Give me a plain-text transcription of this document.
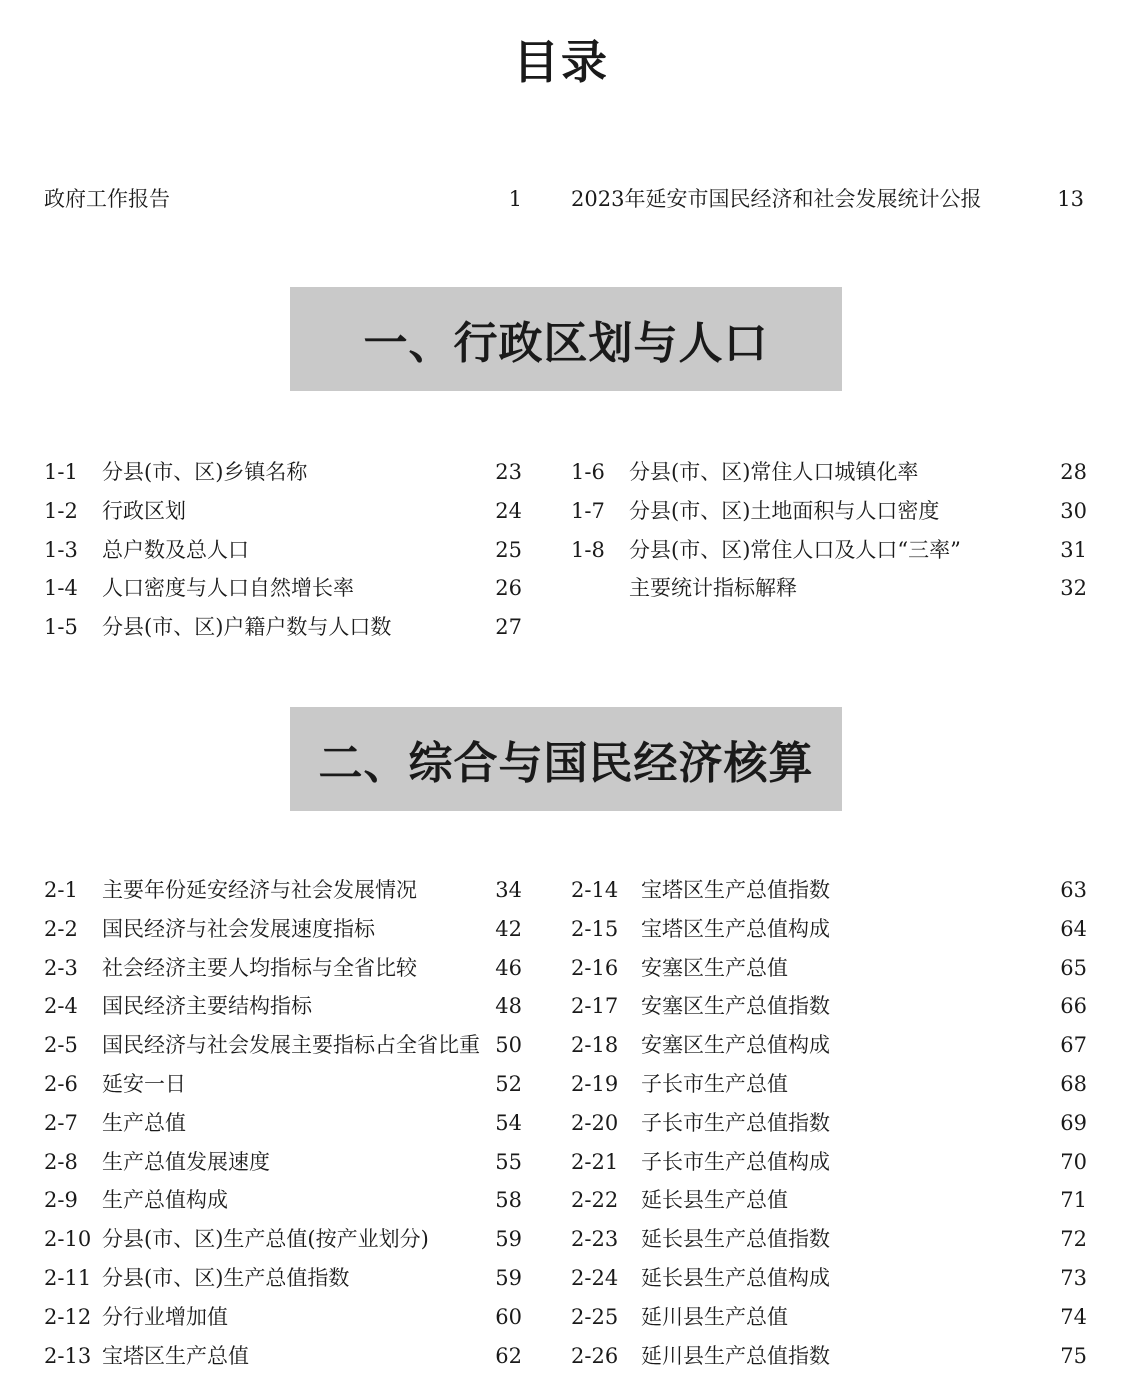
目录
政府工作报告	1 2023年延安市国民经济和社会发展统计公报	13
一、行政区划与人口
1-1 分县(市、区)乡镇名称	23
1-2 行政区划	24
1-3 总户数及总人口	25
1-4 人口密度与人口自然增长率	26
1-5 分县(市、区)户籍户数与人口数	27
1-6 分县(市、区)常住人口城镇化率	28
1-7 分县(市、区)土地面积与人口密度	30
1-8 分县(市、区)常住人口及人口“三率”	31
主要统计指标解释	32
二、综合与国民经济核算
2-1 主要年份延安经济与社会发展情况	34
2-2 国民经济与社会发展速度指标	42
2-3 社会经济主要人均指标与全省比较	46
2-4 国民经济主要结构指标	48
2-5 国民经济与社会发展主要指标占全省比重 50
2-6 延安一日	52
2-7 生产总值	54
2-8 生产总值发展速度	55
2-9 生产总值构成	58
2-10 分县(市、区)生产总值(按产业划分)	59
2-11 分县(市、区)生产总值指数	59
2-12 分行业增加值	60
2-13 宝塔区生产总值	62
2-14 宝塔区生产总值指数	63
2-15 宝塔区生产总值构成	64
2-16 安塞区生产总值	65
2-17 安塞区生产总值指数	66
2-18 安塞区生产总值构成	67
2-19 子长市生产总值	68
2-20 子长市生产总值指数	69
2-21 子长市生产总值构成	70
2-22 延长县生产总值	71
2-23 延长县生产总值指数	72
2-24 延长县生产总值构成	73
2-25 延川县生产总值	74
2-26 延川县生产总值指数	75
